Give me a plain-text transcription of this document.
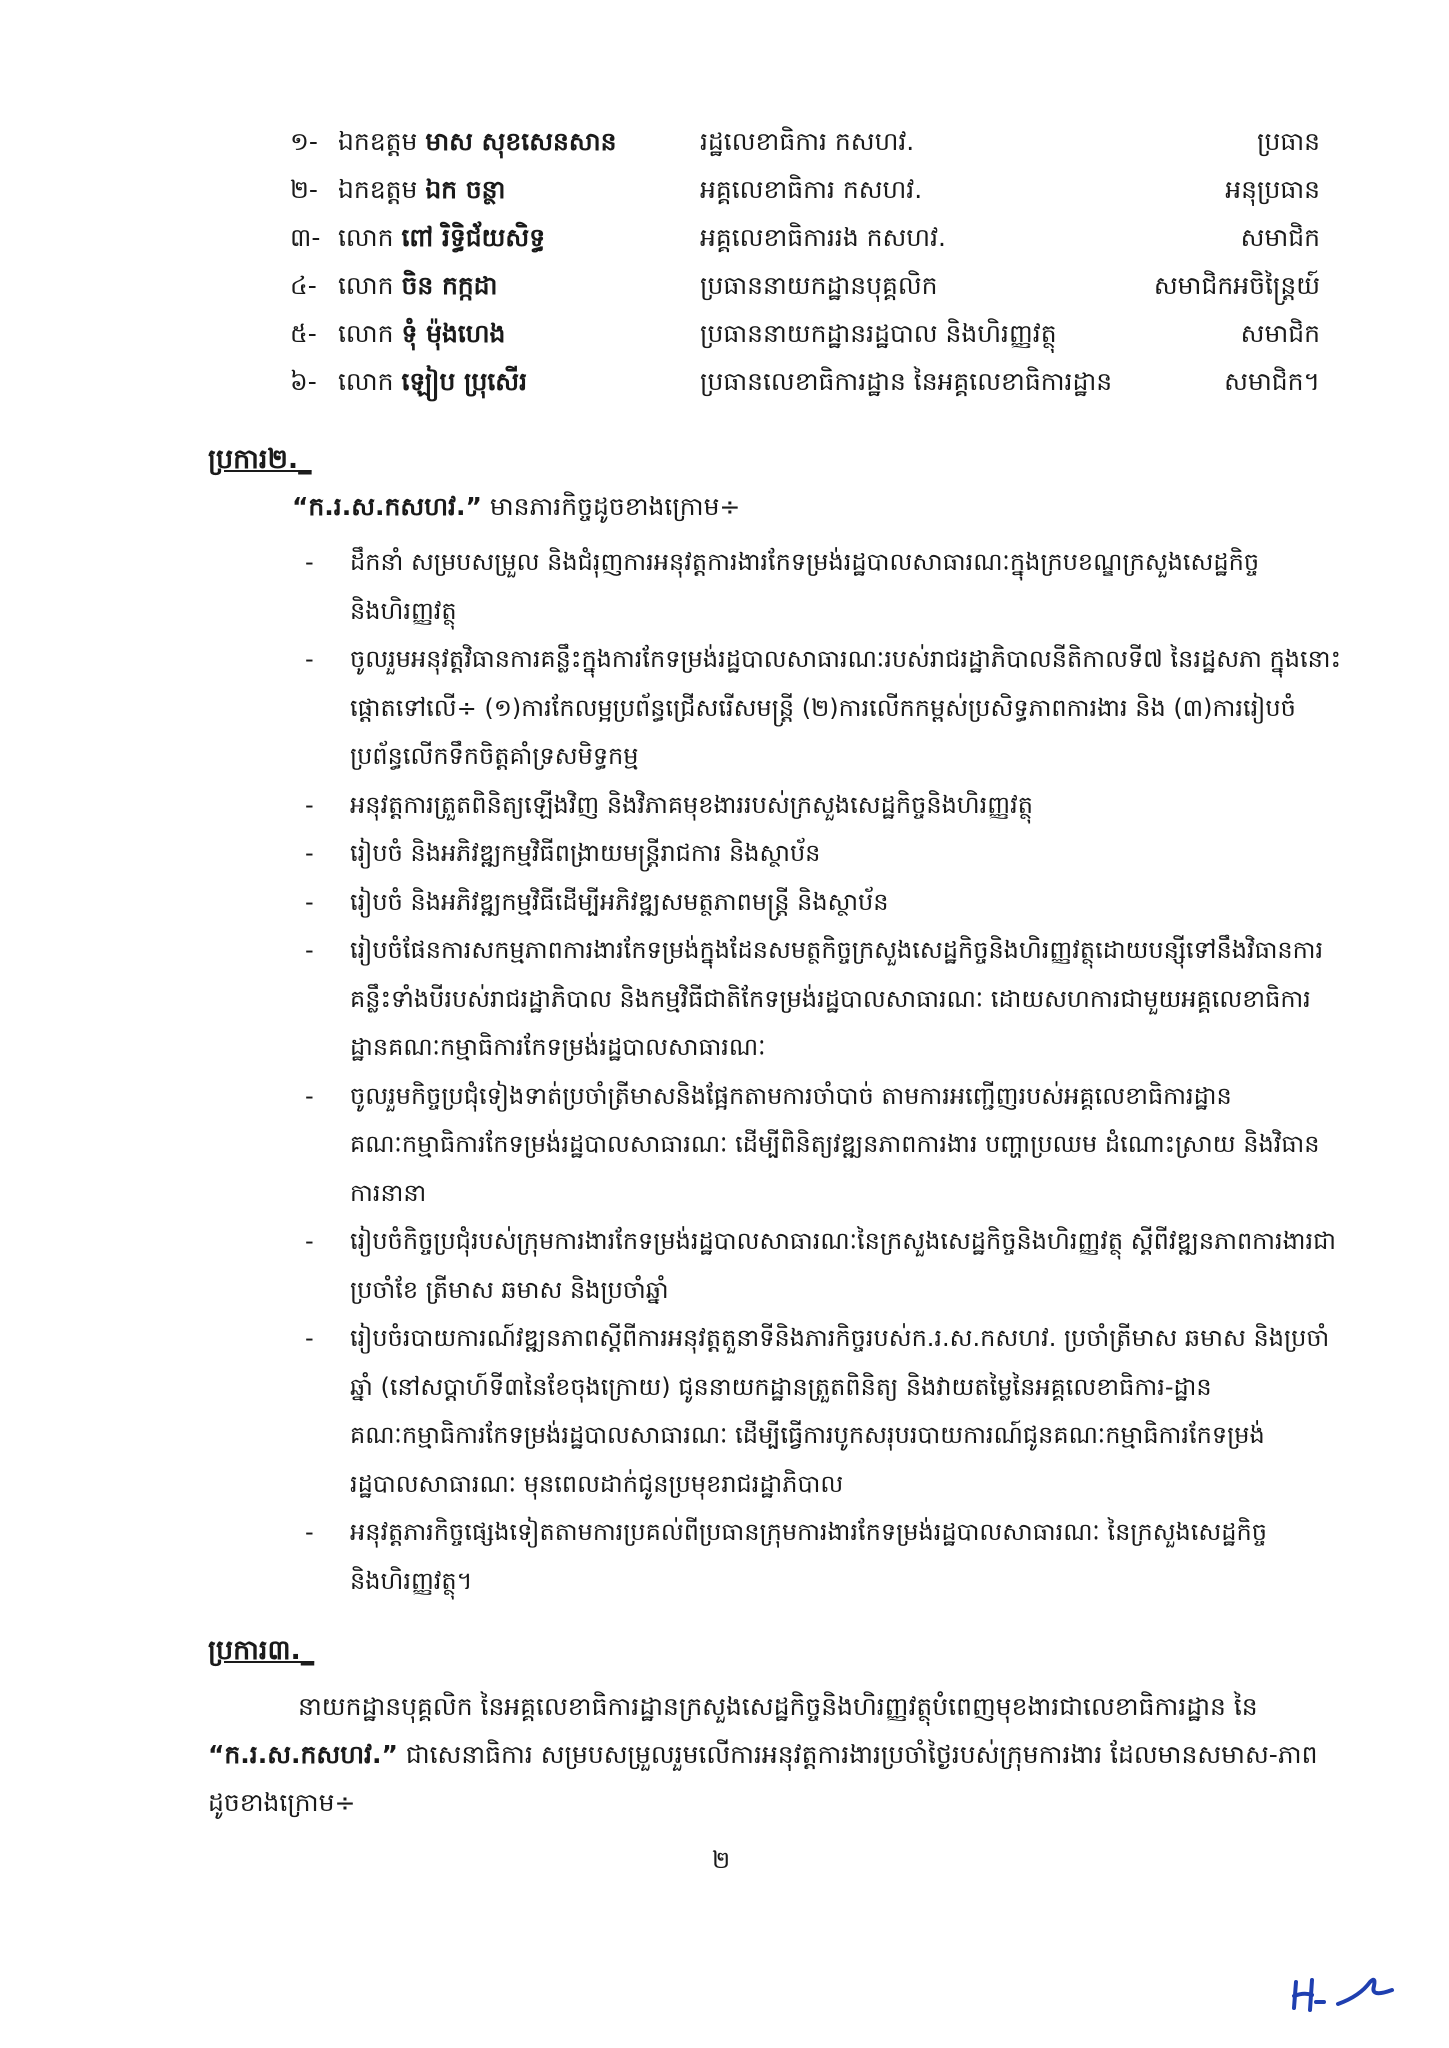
១- ឯកឧត្តម មាស សុខសេនសាន	រដ្ឋលេខាធិការ កសហវ.	ប្រធាន
២- ឯកឧត្តម ឯក ចន្ថា	អគ្គលេខាធិការ កសហវ.	អនុប្រធាន
៣- លោក ពៅ រិទ្ធិជ័យសិទ្ធ	អគ្គលេខាធិការរង កសហវ.	សមាជិក
៤- លោក ចិន កក្កដា	ប្រធាននាយកដ្ឋានបុគ្គលិក	សមាជិកអចិន្ត្រៃយ៍
៥- លោក ទុំ ម៉ុងហេង	ប្រធាននាយកដ្ឋានរដ្ឋបាល និងហិរញ្ញវត្ថុ	សមាជិក
៦- លោក ឡៀប ប្រុសើរ	ប្រធានលេខាធិការដ្ឋាន នៃអគ្គលេខាធិការដ្ឋាន	សមាជិក។
ប្រការ២._
“ក.រ.ស.កសហវ.” មានភារកិច្ចដូចខាងក្រោម÷
- ដឹកនាំ សម្របសម្រួល និងជំរុញការអនុវត្តការងារកែទម្រង់រដ្ឋបាលសាធារណៈក្នុងក្របខណ្ឌក្រសួងសេដ្ឋកិច្ច និងហិរញ្ញវត្ថុ
- ចូលរួមអនុវត្តវិធានការគន្លឹះក្នុងការកែទម្រង់រដ្ឋបាលសាធារណៈរបស់រាជរដ្ឋាភិបាលនីតិកាលទី៧ នៃរដ្ឋសភា ក្នុងនោះផ្ដោតទៅលើ÷ (១)ការកែលម្អប្រព័ន្ធជ្រើសរើសមន្ត្រី (២)ការលើកកម្ពស់ប្រសិទ្ធភាពការងារ និង (៣)ការរៀបចំប្រព័ន្ធលើកទឹកចិត្តគាំទ្រសមិទ្ធកម្ម
- អនុវត្តការត្រួតពិនិត្យឡើងវិញ និងវិភាគមុខងាររបស់ក្រសួងសេដ្ឋកិច្ចនិងហិរញ្ញវត្ថុ
- រៀបចំ និងអភិវឌ្ឍកម្មវិធីពង្រាយមន្ត្រីរាជការ និងស្ថាប័ន
- រៀបចំ និងអភិវឌ្ឍកម្មវិធីដើម្បីអភិវឌ្ឍសមត្ថភាពមន្ត្រី និងស្ថាប័ន
- រៀបចំផែនការសកម្មភាពការងារកែទម្រង់ក្នុងដែនសមត្ថកិច្ចក្រសួងសេដ្ឋកិច្ចនិងហិរញ្ញវត្ថុដោយបន្សុីទៅនឹងវិធានការគន្លឹះទាំងបីរបស់រាជរដ្ឋាភិបាល និងកម្មវិធីជាតិកែទម្រង់រដ្ឋបាលសាធារណៈ ដោយសហការជាមួយអគ្គលេខាធិការដ្ឋានគណៈកម្មាធិការកែទម្រង់រដ្ឋបាលសាធារណៈ
- ចូលរួមកិច្ចប្រជុំទៀងទាត់ប្រចាំត្រីមាសនិងផ្អែកតាមការចាំបាច់ តាមការអញ្ជើញរបស់អគ្គលេខាធិការដ្ឋានគណៈកម្មាធិការកែទម្រង់រដ្ឋបាលសាធារណៈ ដើម្បីពិនិត្យវឌ្ឍនភាពការងារ បញ្ហាប្រឈម ដំណោះស្រាយ និងវិធានការនានា
- រៀបចំកិច្ចប្រជុំរបស់ក្រុមការងារកែទម្រង់រដ្ឋបាលសាធារណៈនៃក្រសួងសេដ្ឋកិច្ចនិងហិរញ្ញវត្ថុ ស្ដីពីវឌ្ឍនភាពការងារជា ប្រចាំខែ ត្រីមាស ឆមាស និងប្រចាំឆ្នាំ
- រៀបចំរបាយការណ៍វឌ្ឍនភាពស្ដីពីការអនុវត្តតួនាទីនិងភារកិច្ចរបស់ក.រ.ស.កសហវ. ប្រចាំត្រីមាស ឆមាស និងប្រចាំឆ្នាំ (នៅសប្ដាហ៍ទី៣នៃខែចុងក្រោយ) ជូននាយកដ្ឋានត្រួតពិនិត្យ និងវាយតម្លៃនៃអគ្គលេខាធិការ-ដ្ឋានគណៈកម្មាធិការកែទម្រង់រដ្ឋបាលសាធារណៈ ដើម្បីធ្វើការបូកសរុបរបាយការណ៍ជូនគណៈកម្មាធិការកែទម្រង់រដ្ឋបាលសាធារណៈ មុនពេលដាក់ជូនប្រមុខរាជរដ្ឋាភិបាល
- អនុវត្តភារកិច្ចផ្សេងទៀតតាមការប្រគល់ពីប្រធានក្រុមការងារកែទម្រង់រដ្ឋបាលសាធារណៈ នៃក្រសួងសេដ្ឋកិច្ច និងហិរញ្ញវត្ថុ។
ប្រការ៣._
នាយកដ្ឋានបុគ្គលិក នៃអគ្គលេខាធិការដ្ឋានក្រសួងសេដ្ឋកិច្ចនិងហិរញ្ញវត្ថុបំពេញមុខងារជាលេខាធិការដ្ឋាន នៃ “ក.រ.ស.កសហវ.” ជាសេនាធិការ សម្របសម្រួលរួមលើការអនុវត្តការងារប្រចាំថ្ងៃរបស់ក្រុមការងារ ដែលមានសមាស-ភាពដូចខាងក្រោម÷
២
